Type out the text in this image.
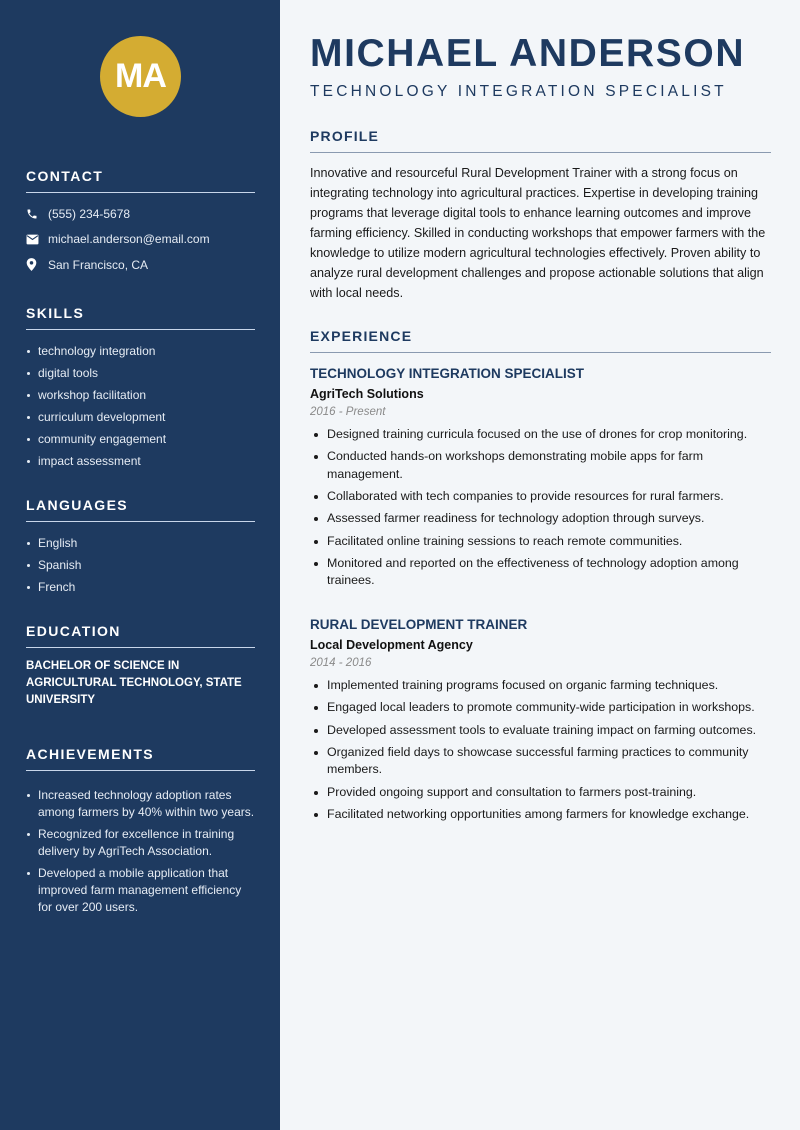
MA
CONTACT
(555) 234-5678
michael.anderson@email.com
San Francisco, CA
SKILLS
technology integration
digital tools
workshop facilitation
curriculum development
community engagement
impact assessment
LANGUAGES
English
Spanish
French
EDUCATION
BACHELOR OF SCIENCE IN AGRICULTURAL TECHNOLOGY, STATE UNIVERSITY
ACHIEVEMENTS
Increased technology adoption rates among farmers by 40% within two years.
Recognized for excellence in training delivery by AgriTech Association.
Developed a mobile application that improved farm management efficiency for over 200 users.
MICHAEL ANDERSON
TECHNOLOGY INTEGRATION SPECIALIST
PROFILE
Innovative and resourceful Rural Development Trainer with a strong focus on integrating technology into agricultural practices. Expertise in developing training programs that leverage digital tools to enhance learning outcomes and improve farming efficiency. Skilled in conducting workshops that empower farmers with the knowledge to utilize modern agricultural technologies effectively. Proven ability to analyze rural development challenges and propose actionable solutions that align with local needs.
EXPERIENCE
TECHNOLOGY INTEGRATION SPECIALIST
AgriTech Solutions
2016 - Present
Designed training curricula focused on the use of drones for crop monitoring.
Conducted hands-on workshops demonstrating mobile apps for farm management.
Collaborated with tech companies to provide resources for rural farmers.
Assessed farmer readiness for technology adoption through surveys.
Facilitated online training sessions to reach remote communities.
Monitored and reported on the effectiveness of technology adoption among trainees.
RURAL DEVELOPMENT TRAINER
Local Development Agency
2014 - 2016
Implemented training programs focused on organic farming techniques.
Engaged local leaders to promote community-wide participation in workshops.
Developed assessment tools to evaluate training impact on farming outcomes.
Organized field days to showcase successful farming practices to community members.
Provided ongoing support and consultation to farmers post-training.
Facilitated networking opportunities among farmers for knowledge exchange.
